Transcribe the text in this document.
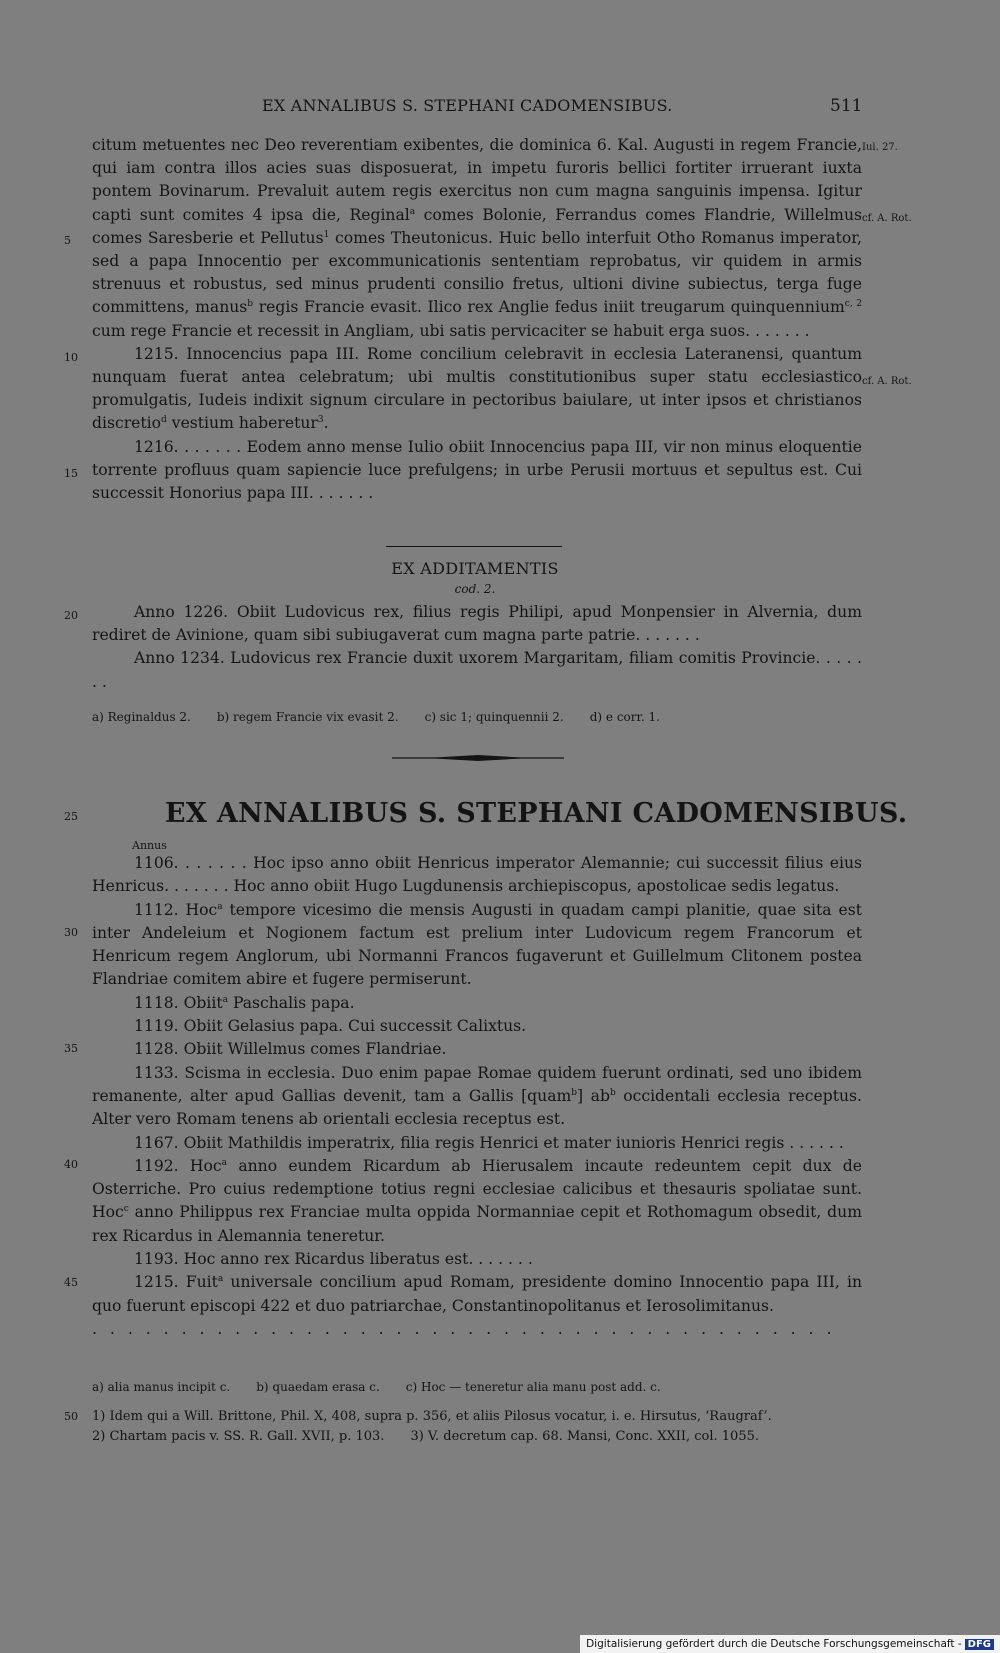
EX ANNALIBUS S. STEPHANI CADOMENSIBUS.	511

citum metuentes nec Deo reverentiam exibentes, die dominica 6. Kal. Augusti in regem Francie, qui iam contra illos acies suas disposuerat, in impetu furoris bellici fortiter irruerant iuxta pontem Bovinarum. Prevaluit autem regis exercitus non cum magna sanguinis impensa. Igitur capti sunt comites 4 ipsa die, Reginal$^a$ comes Bolonie, Ferrandus comes Flandrie, Willelmus comes Saresberie et Pellutus$^1$ comes Theutonicus. Huic bello interfuit Otho Romanus imperator, sed a papa Innocentio per excommunicationis sententiam reprobatus, vir quidem in armis strenuus et robustus, sed minus prudenti consilio fretus, ultioni divine subiectus, terga fuge committens, manus$^b$ regis Francie evasit. Ilico rex Anglie fedus iniit treugarum quinquennium$^{c, 2}$ cum rege Francie et recessit in Angliam, ubi satis pervicaciter se habuit erga suos. . . . . . .

1215. Innocencius papa III. Rome concilium celebravit in ecclesia Lateranensi, quantum nunquam fuerat antea celebratum; ubi multis constitutionibus super statu ecclesiastico promulgatis, Iudeis indixit signum circulare in pectoribus baiulare, ut inter ipsos et christianos discretio$^d$ vestium haberetur$^3$.

1216. . . . . . . Eodem anno mense Iulio obiit Innocencius papa III, vir non minus eloquentie torrente profluus quam sapiencie luce prefulgens; in urbe Perusii mortuus et sepultus est. Cui successit Honorius papa III. . . . . . .

Iul. 27.
cf. A. Rot.
cf. A. Rot.
5
10
15
EX ADDITAMENTIS
cod. 2.

Anno 1226. Obiit Ludovicus rex, filius regis Philipi, apud Monpensier in Alvernia, dum rediret de Avinione, quam sibi subiugaverat cum magna parte patrie. . . . . . .

Anno 1234. Ludovicus rex Francie duxit uxorem Margaritam, filiam comitis Provincie. . . . . . .

20
a) Reginaldus 2. b) regem Francie vix evasit 2. c) sic 1; quinquennii 2. d) e corr. 1.
25	EX ANNALIBUS S. STEPHANI CADOMENSIBUS.
Annus

1106. . . . . . . Hoc ipso anno obiit Henricus imperator Alemannie; cui successit filius eius Henricus. . . . . . . Hoc anno obiit Hugo Lugdunensis archiepiscopus, apostolicae sedis legatus.

1112. Hoc$^a$ tempore vicesimo die mensis Augusti in quadam campi planitie, quae sita est inter Andeleium et Nogionem factum est prelium inter Ludovicum regem Francorum et Henricum regem Anglorum, ubi Normanni Francos fugaverunt et Guillelmum Clitonem postea Flandriae comitem abire et fugere permiserunt.

1118. Obiit$^a$ Paschalis papa.

1119. Obiit Gelasius papa. Cui successit Calixtus.

1128. Obiit Willelmus comes Flandriae.

1133. Scisma in ecclesia. Duo enim papae Romae quidem fuerunt ordinati, sed uno ibidem remanente, alter apud Gallias devenit, tam a Gallis [quam$^b$] $ab^b$ occidentali ecclesia receptus. Alter vero Romam tenens ab orientali ecclesia receptus est.

1167. Obiit Mathildis imperatrix, filia regis Henrici et mater iunioris Henrici regis . . . . . .

1192. Hoc$^a$ anno eundem Ricardum ab Hierusalem incaute redeuntem cepit dux de Osterriche. Pro cuius redemptione totius regni ecclesiae calicibus et thesauris spoliatae sunt. Hoc$^c$ anno Philippus rex Franciae multa oppida Normanniae cepit et Rothomagum obsedit, dum rex Ricardus in Alemannia teneretur.

1193. Hoc anno rex Ricardus liberatus est. . . . . . .

1215. Fuit$^a$ universale concilium apud Romam, presidente domino Innocentio papa III, in quo fuerunt episcopi 422 et duo patriarchae, Constantinopolitanus et Ierosolimitanus.

. . . . . . . . . . . . . . . . . . . . . . . . . . . . . . . . . . . . . . . . . .

30
35
40
45
50
a) alia manus incipit c. b) quaedam erasa c. c) Hoc — teneretur alia manu post add. c.
1) Idem qui a Will. Brittone, Phil. X, 408, supra p. 356, et aliis Pilosus vocatur, i. e. Hirsutus, ‘Raugraf’.
2) Chartam pacis v. SS. R. Gall. XVII, p. 103. 3) V. decretum cap. 68. Mansi, Conc. XXII, col. 1055.
Digitalisierung gefördert durch die Deutsche Forschungsgemeinschaft - DFG
